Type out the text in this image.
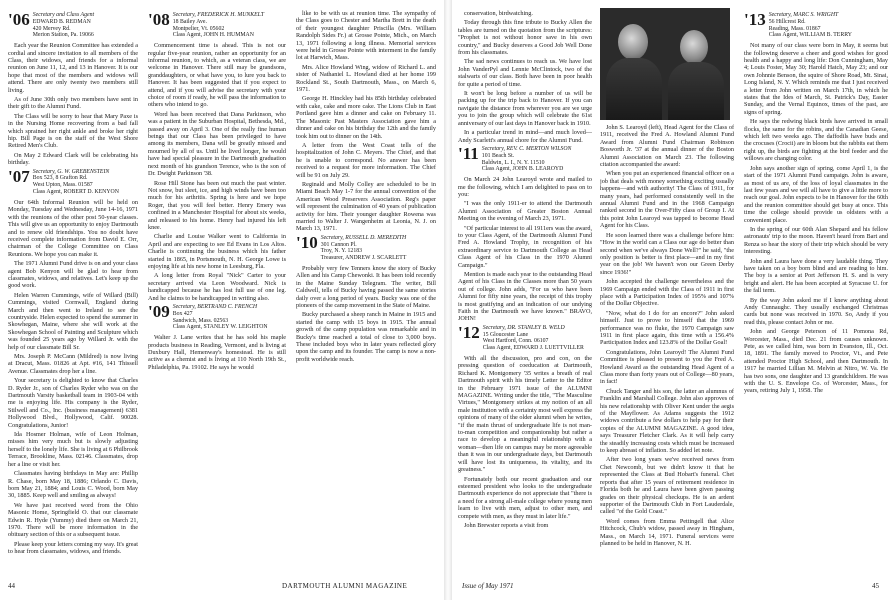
'06 Secretary and Class Agent
EDWARD B. REDMAN
420 Mervey Rd.
Merion Station, Pa. 19066

Each year the Reunion Committee has extended a cordial and sincere invitation to all members of the Class, their widows, and friends for a informal reunion on June 11, 12, and 13 in Hanover. It is our hope that most of the members and widows will attend. There are only twenty two members still living.

As of June 30th only two members have sent in their gift to the Alumni Fund.

The Class will be sorry to hear that Mary Paxe is in the Nursing Home recovering from a bad fall which sprained her right ankle and broke her right hip. Bill Page is on the staff of the West Shore Retired Men's Club.

On May 2 Edward Clark will be celebrating his birthday.

'07 Secretary, G. W. GREBENSTEIN
Box 523, 8 Grafton Rd.
West Upton, Mass. 01587
Class Agent, ROBERT D. KENYON

Our 64th Informal Reunion will be held on Monday, Tuesday and Wednesday, June 14-16, 1971 with the reunions of the other post 50-year classes. This will give us an opportunity to enjoy Dartmouth and to renew old friendships. You no doubt have received complete information from David E. Orr, chairman of the College Committee on Class Reunions. We hope you can make it.

The 1971 Alumni Fund drive is on and your class agent Bob Kenyon will be glad to hear from classmates, widows, and relatives. Let's keep up the good work.

Helen Warren Cummings, wife of Willard (Bill) Cummings, visited Cornwall, England during March and then went to Ireland to see the countryside. Helen expected to spend the summer in Skowhegan, Maine, where she will work at the Skowhegan School of Painting and Sculpture which was founded 25 years ago by Willard Jr. with the help of our classmate Bill Sr.

Mrs. Joseph P. McCann (Mildred) is now living at Dracut, Mass. 01826 at Apt. #16, 141 Thissell Avenue. Classmates drop her a line.

Your secretary is delighted to know that Charles D. Ryder Jr., son of Charles Ryder who was on the Dartmouth Varsity basketball team in 1903-04 with me is enjoying life. His company is the Ryder, Stilwell and Co., Inc. (business management) 6381 Hollywood Blvd., Hollywood, Calif. 90028. Congratulations, Junior!

Ida Hosmer Holman, wife of Leon Holman, misses him very much but is slowly adjusting herself to the lonely life. She is living at 6 Philbrook Terrace, Brookline, Mass. 02146. Classmates, drop her a line or visit her.

Classmates having birthdays in May are: Phillip R. Chase, born May 18, 1886; Orlando C. Davis, born May 21, 1884; and Louis C. Wood, born May 30, 1885. Keep well and smiling as always!

We have just received word from the Ohio Masonic Home, Springfield O. that our classmate Edwin R. Hyde (Yummy) died there on March 21, 1970. There will be more information in the obituary section of this or a subsequent issue.

Please keep your letters coming my way. It's great to hear from classmates, widows, and friends.

'08 Secretary, FREDERICK H. MUNKELT
18 Bailey Ave.
Montpelier, Vt. 05602
Class Agent, JOHN H. HUMMAN

Commencement time is ahead. This is not our regular five-year reunion, rather an opportunity for an informal reunion, to which, as a veteran class, we are welcome in Hanover. There still may be grandsons, granddaughters, or what have you, to lure you back to Hanover. It has been suggested that if you expect to attend, and if you will advise the secretary with your choice of room if ready, he will pass the information to others who intend to go.

Word has been received that Dana Parkinson, who was a patient in the Suburban Hospital, Bethesda, Md., passed away on April 3. One of the really fine human beings that our Class has been privileged to have among its members, Dana will be greatly missed and mourned by all of us. Until he lived longer, he would have had special pleasure in the Dartmouth graduation next month of his grandson Terence, who is the son of Dr. Dwight Parkinson '38.

Rose Hill Stone has been out much the past winter. Not snow, but sleet, ice, and high winds have been too much for his arthritis. Spring is here and we hope Roger, that you will feel better. Henry Emery was confined in a Manchester Hospital for about six weeks, and released to his home. Henry had injured his left knee.

Charlie and Louise Walker went to California in April and are expecting to see Ed Evans in Los Altos. Charlie is continuing the business which his father started in 1865, in Portsmouth, N. H. George Lowe is enjoying life at his new home in Leesburg, Fla.

A long letter from Royal "Nick" Carter to your secretary arrived via Leon Woodward. Nick is handicapped because he has lost full use of one leg. And he claims to be handicapped in writing also.

'09 Secretary, BERTRAND C. FRENCH
Box 427
Sandwich, Mass. 02563
Class Agent, STANLEY W. LEIGHTON

Walter J. Lane writes that he has sold his maple products business in Reading, Vermont, and is living at Duxbury Hall, Hemenway's homestead. He is still active as a chemist and is living at 110 North 19th St., Philadelphia, Pa. 19102. He says he would

like to be with us at reunion time. The sympathy of the Class goes to Chester and Martha Brett in the death of their youngest daughter Priscilla (Mrs. William Randolph Sides Fr.) at Grosse Pointe, Mich., on March 13, 1971 following a long illness. Memorial services were held in Grosse Pointe with interment in the family lot at Harwich, Mass.

Mrs. Alice Howland Wing, widow of Richard L. and sister of Nathaniel L. Howland died at her home 199 Rockland St., South Dartmouth, Mass., on March 6, 1971.

George H. Hinckley had his 85th birthday celebrated with cake, cake and more cake. The Lions Club in East Portland gave him a dinner and cake on February 11. The Masonic Past Masters Association gave him a dinner and cake on his birthday the 12th and the family took him out to dinner on the 14th.

A letter from the West Coast tells of the hospitalization of John C. Meyers. The Chief, and that he is unable to correspond. No answer has been received to a request for more information. The Chief will be 91 on July 29.

Reginald and Molly Colley are scheduled to be in Miami Beach May 1-7 for the annual convention of the American Wood Preservers Association. Reg's paper will represent the culmination of 40 years of publication activity for him. Their younger daughter Rowena was married to Walter J. Wangenheim at Leonia, N. J. on March 13, 1971.

'10 Secretary, RUSSELL D. MEREDITH
301 Cannon Pl.
Troy, N. Y. 12183
Treasurer, ANDREW J. SCARLETT

Probably very few Tenners know the story of Bucky Allen and his Camp Chewonki. It has been told recently in the Maine Sunday Telegram. The writer, Bill Caldwell, tells of Bucky having passed the same stories daily over a long period of years. Bucky was one of the pioneers of the camp movement in the State of Maine.

Bucky purchased a sheep ranch in Maine in 1915 and started the camp with 15 boys in 1915. The annual growth of the camp population was remarkable and in Bucky's time reached a total of close to 3,000 boys. These included boys who in later years reflected glory upon the camp and its founder. The camp is now a non-profit worldwide reach.

conservation, birdwatching.

Today through this fine tribute to Bucky Allen the tables are turned on the quotation from the scriptures: "Prophet is not without honor save in his own country," and Bucky deserves a Good Job Well Done from his classmates.

The sad news continues to reach us. We have lost John VanderPyl and Lennie McClintock, two of the stalwarts of our class. Both have been in poor health for quite a period of time.

It won't be long before a number of us will be packing up for the trip back to Hanover. If you can navigate the distance from wherever you are we urge you to join the group which will celebrate the 61st anniversary of our last days in Hanover back in 1910.

In a particular trend in mind—and much loved—Andy Scarlett's annual chore for the Alumni Fund.

'11 Secretary, REV. C. MERTON WILSON
101 Beach St.
Baldwin, L. I., N. Y. 11510
Class Agent, JOHN B. LEAROYD

On March 24 John Learoyd wrote and mailed to me the following, which I am delighted to pass on to you:

"I was the only 1911-er to attend the Dartmouth Alumni Association of Greater Boston Annual Meeting on the evening of March 23, 1971.

"Of particular interest to all 1911ers was the award, to your Class Agent, of the Dartmouth Alumni Fund Fred A. Howland Trophy, in recognition of his extraordinary service to Dartmouth College as Head Class Agent of his Class in the 1970 Alumni Campaign."

Mention is made each year to the outstanding Head Agent of his Class in the Classes more than 50 years out of college. John adds, "For us who have been Alumni for fifty nine years, the receipt of this trophy is most gratifying and an indication of our undying Faith in the Dartmouth we have known." BRAVO, JOHN!

'12 Secretary, DR. STANLEY B. WELD
15 Gloucester Lane
West Hartford, Conn. 06107
Class Agent, EDWARD J. LUETTVILLER

With all the discussion, pro and con, on the pressing question of coeducation at Dartmouth, Richard K. Montgomery '35 writes a breath of real Dartmouth spirit with his timely Letter to the Editor in the February 1971 issue of the ALUMNI MAGAZINE. Writing under the title, "The Masculine Virtues," Montgomery strikes at my notion of an all male institution with a certainty most well express the opinions of many of the older alumni when he writes, "if the main thrust of undergraduate life is not man-to-man competition and companionship but rather a race to develop a meaningful relationship with a woman—then life on campus may be more agreeable than it was in our undergraduate days, but Dartmouth will have lost its uniqueness, its vitality, and its greatness."

Fortunately both our recent graduation and our esteemed president who looks to the undergraduate Dartmouth experience do not appreciate that "there is a need for a strong all-male college where young men learn to live with men, adjust to other men, and compete with men, as they must in later life."

John Brewster reports a visit from

John S. Learoyd (left), Head Agent for the Class of 1911, received the Fred A. Howland Alumni Fund Award from Alumni Fund Chairman Robinson Bosworth Jr. '37 at the annual dinner of the Boston Alumni Association on March 23. The following citation accompanied the award:

When you put an experienced financial officer on a job that deals with money something exciting usually happens—and with authority! The Class of 1911, for many years, had performed consistently well in the annual Alumni Fund and in the 1968 Campaign ranked second in the Over-Fifty class of Group I. At this point John Learoyd was tapped to become Head Agent for his Class.

He soon learned there was a challenge before him: "How in the world can a Class our age do better than second when we've always Done Well?" he said, "the only position is better is first place—and in my first year on the job! We haven't won our Green Derby since 1936!"

John accepted the challenge nevertheless and the 1969 Campaign ended with the Class of 1911 in first place with a Participation Index of 195% and 107% of the Dollar Objective.

"Now, what do I do for an encore?" John asked himself. Just to prove to himself that the 1969 performance was no fluke, the 1970 Campaign saw 1911 in first place again, this time with a 156.4% Participation Index and 123.8% of the Dollar Goal!

Congratulations, John Learoyd! The Alumni Fund Committee is pleased to present to you the Fred A. Howland Award as the outstanding Head Agent of a Class more than forty years out of College—80 years, in fact!

Chuck Tanger and his son, the latter an alumnus of Franklin and Marshall College. John also approves of his new relationship with Oliver Kent under the aegis of the Mayflower. As Adams suggests the 1912 widows contribute a few dollars to help pay for their copies of the ALUMNI MAGAZINE. A good idea, says Treasurer Fletcher Clark. As it will help carry the steadily increasing costs which must be increased to keep abreast of inflation. So added let note.

After two long years we've received news from Chet Newcomb, but we didn't know it that he represented the Class at Bud Hobart's funeral. Chet reports that after 15 years of retirement residence in Florida both he and Laura have been given passing grades on their physical checkups. He is an ardent supporter of the Dartmouth Club in Fort Lauderdale, called "of the Gold Coast."

Word comes from Emma Pettingell that Alice Hitchcock, Chub's widow, passed away in Hingham, Mass., on March 14, 1971. Funeral services were planned to be held in Hanover, N. H.

'13 Secretary, MARC S. WRIGHT
56 Hillcrest Rd.
Reading, Mass. 01867
Class Agent, WILLIAM B. TERRY

Not many of our class were born in May, it seems but the following deserve a cheer and good wishes for good health and a happy and long life: Don Cunningham, May 4; Louis Foster, May 30; Harold Hatch, May 23; and our own Johnnie Benson, the squire of Shore Road, Mt. Sinai, Long Island, N. Y. Which reminds me that I just received a letter from John written on March 17th, in which he states that the Ides of March, St. Patrick's Day, Easter Sunday, and the Vernal Equinox, times of the past, are signs of spring.

He says the redwing black birds have arrived in small flocks, the same for the robins, and the Canadian Geese, which left two weeks ago. The daffodils have buds and the crocuses (Crocii) are in bloom but the rabbits eat them right up, the birds are fighting at the bird feeder and the willows are changing color.

John says another sign of spring, come April 1, is the start of the 1971 Alumni Fund campaign. John is aware, as most of us are, of the loss of loyal classmates in the last few years and we will all have to give a little more to reach our goal. John expects to be in Hanover for the 60th and the reunion committee should get busy at once. This time the college should provide us oldsters with a convenient place.

In the spring of our 60th Alan Shepard and his fellow astronauts' trip to the moon. Haven't heard from Bart and Renza so hear the story of their trip which should be very interesting.

John and Laura have done a very laudable thing. They have taken on a boy born blind and are reading to him. The boy is a senior at Port Jefferson H. S. and is very bright and alert. He has been accepted at Syracuse U. for the fall term.

By the way John asked me if I knew anything about Andy Cunnaughc. They usually exchanged Christmas cards but none was received in 1970. So, Andy if you read this, please contact John or me.

John and George Peterson of 11 Pomona Rd, Worcester, Mass., died Dec. 21 from causes unknown. Pete, as we called him, was born in Evanston, Ill., Oct. 18, 1891. The family moved to Proctor, Vt., and Pete attended Proctor High School, and then Dartmouth. In 1917 he married Lillian M. Melvin at Nitro, W. Va. He has two sons, one daughter and 13 grandchildren. He was with the U. S. Envelope Co. of Worcester, Mass., for years, retiring July 1, 1958. The

44	DARTMOUTH ALUMNI MAGAZINE	Issue of May 1971	45
